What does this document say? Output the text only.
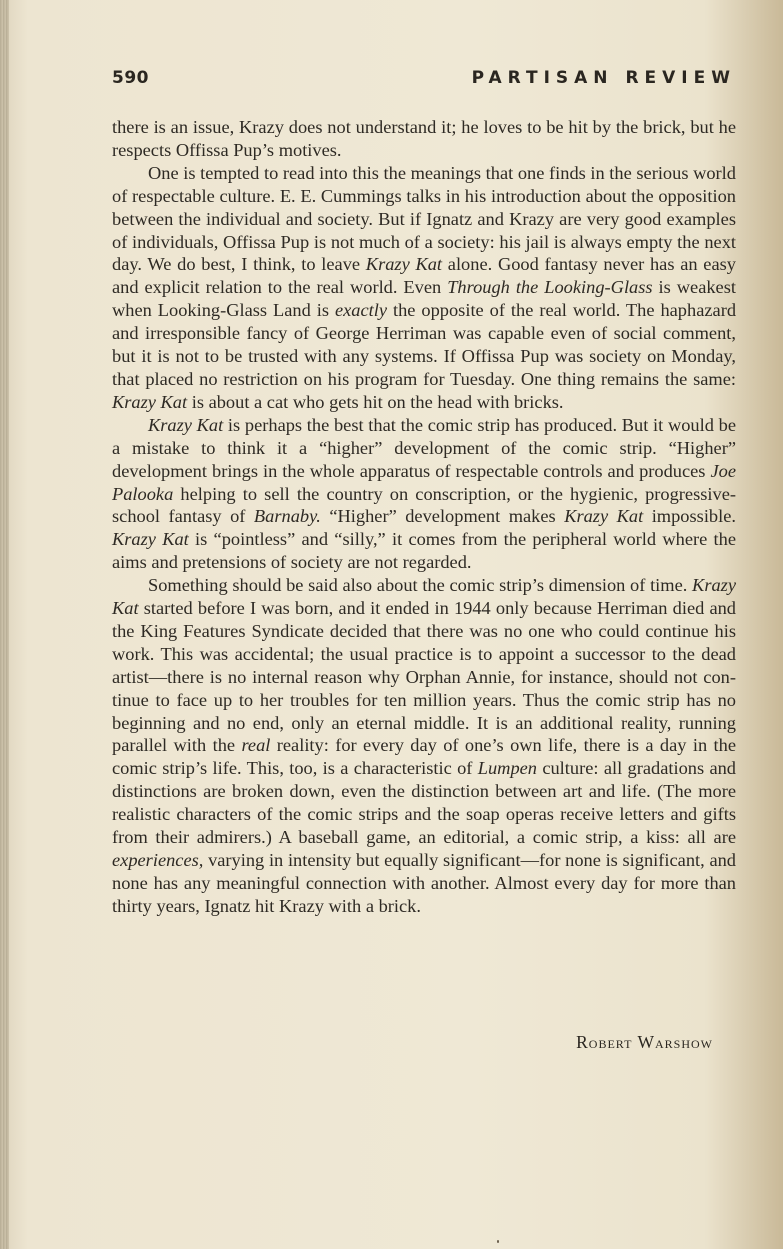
590	PARTISAN REVIEW

there is an issue, Krazy does not understand it; he loves to be hit by the brick, but he respects Offissa Pup’s motives.

One is tempted to read into this the meanings that one finds in the serious world of respectable culture. E. E. Cummings talks in his introduction about the opposition between the individual and society. But if Ignatz and Krazy are very good examples of individuals, Offissa Pup is not much of a society: his jail is always empty the next day. We do best, I think, to leave Krazy Kat alone. Good fantasy never has an easy and explicit relation to the real world. Even Through the Looking-Glass is weakest when Looking-Glass Land is exactly the opposite of the real world. The haphazard and irresponsible fancy of George Herriman was capable even of social comment, but it is not to be trusted with any systems. If Offissa Pup was society on Monday, that placed no restriction on his program for Tuesday. One thing remains the same: Krazy Kat is about a cat who gets hit on the head with bricks.

Krazy Kat is perhaps the best that the comic strip has produced. But it would be a mistake to think it a “higher” development of the comic strip. “Higher” development brings in the whole apparatus of respectable controls and produces Joe Palooka helping to sell the country on conscription, or the hygienic, progressive-school fantasy of Barnaby. “Higher” development makes Krazy Kat impossible. Krazy Kat is “pointless” and “silly,” it comes from the peripheral world where the aims and pretensions of society are not regarded.

Something should be said also about the comic strip’s dimension of time. Krazy Kat started before I was born, and it ended in 1944 only because Herriman died and the King Features Syndicate decided that there was no one who could continue his work. This was accidental; the usual practice is to appoint a successor to the dead artist—there is no internal reason why Orphan Annie, for instance, should not continue to face up to her troubles for ten million years. Thus the comic strip has no beginning and no end, only an eternal middle. It is an additional reality, running parallel with the real reality: for every day of one’s own life, there is a day in the comic strip’s life. This, too, is a characteristic of Lumpen culture: all gradations and distinctions are broken down, even the distinction between art and life. (The more realistic characters of the comic strips and the soap operas receive letters and gifts from their admirers.) A baseball game, an editorial, a comic strip, a kiss: all are experiences, varying in intensity but equally significant—for none is significant, and none has any meaningful connection with another. Almost every day for more than thirty years, Ignatz hit Krazy with a brick.

Robert Warshow
